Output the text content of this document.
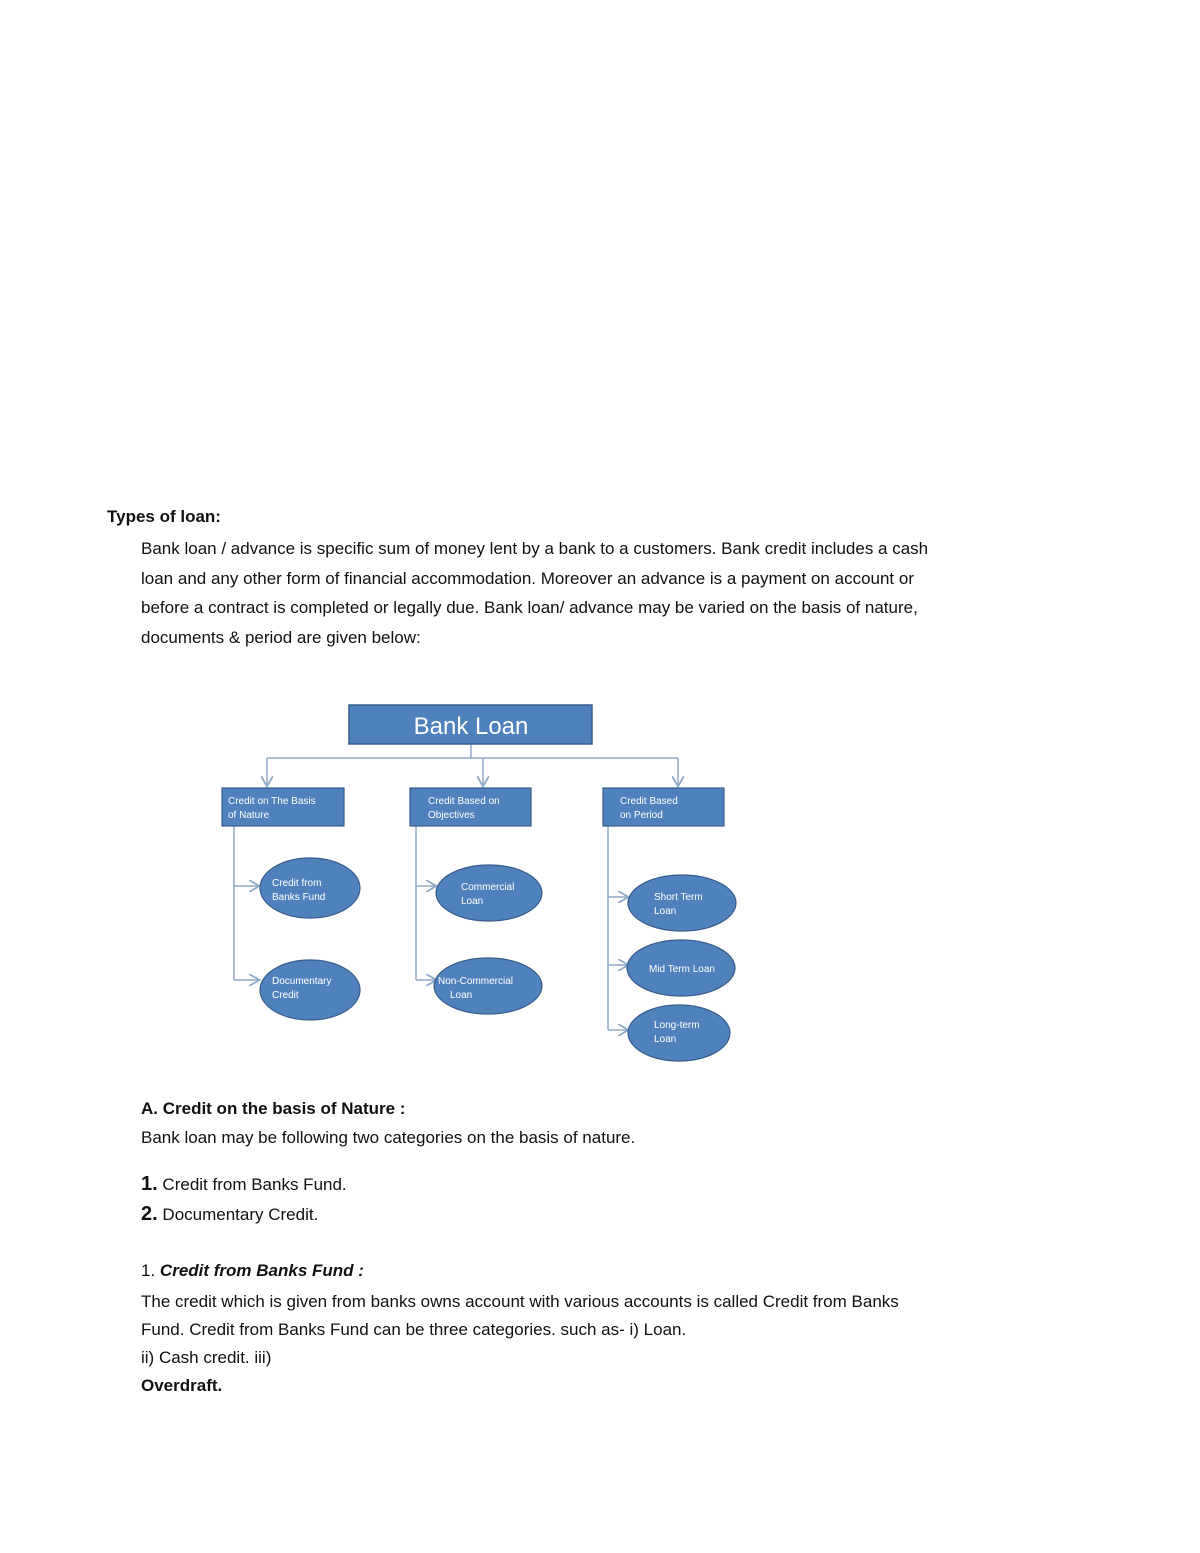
Types of loan:

Bank loan / advance is specific sum of money lent by a bank to a customers. Bank credit includes a cash

loan and any other form of financial accommodation. Moreover an advance is a payment on account or

before a contract is completed or legally due. Bank loan/ advance may be varied on the basis of nature,

documents & period are given below:

Bank Loan
Credit on The Basis
of Nature
Credit from
Banks Fund
Documentary
Credit
Credit Based on
Objectives
Commercial
Loan
Non-Commercial
Loan
Credit Based
on Period
Short Term
Loan
Mid Term Loan
Long-term
Loan
A. Credit on the basis of Nature :
Bank loan may be following two categories on the basis of nature.
1. Credit from Banks Fund.
2. Documentary Credit.
1. Credit from Banks Fund :

The credit which is given from banks owns account with various accounts is called Credit from Banks

Fund. Credit from Banks Fund can be three categories. such as- i) Loan.

ii) Cash credit. iii)

Overdraft.
